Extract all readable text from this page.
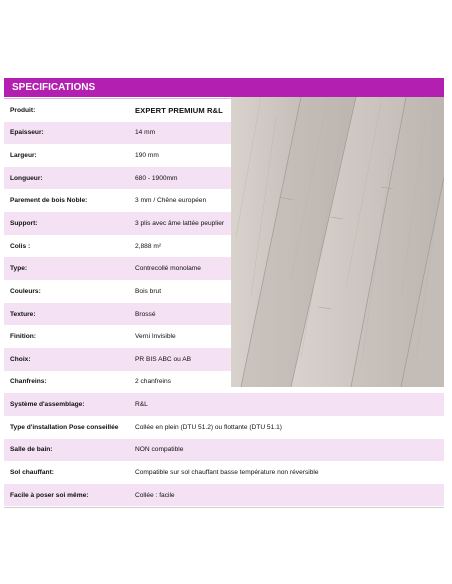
SPECIFICATIONS
Produit:	EXPERT PREMIUM R&L
Epaisseur:	14 mm
Largeur:	190 mm
Longueur:	680 - 1900mm
Parement de bois Noble:	3 mm / Chêne européen
Support:	3 plis avec âme lattée peuplier
Colis :	2,888 m²
Type:	Contrecollé monolame
Couleurs:	Bois brut
Texture:	Brossé
Finition:	Verni Invisible
Choix:	PR BIS ABC ou AB
Chanfreins:	2 chanfreins
Système d'assemblage:	R&L
Type d'installation Pose conseillée	Collée en plein (DTU 51.2) ou flottante (DTU 51.1)
Salle de bain:	NON compatible
Sol chauffant:	Compatible sur sol chauffant basse température non réversible
Facile à poser soi même:	Collée : facile
